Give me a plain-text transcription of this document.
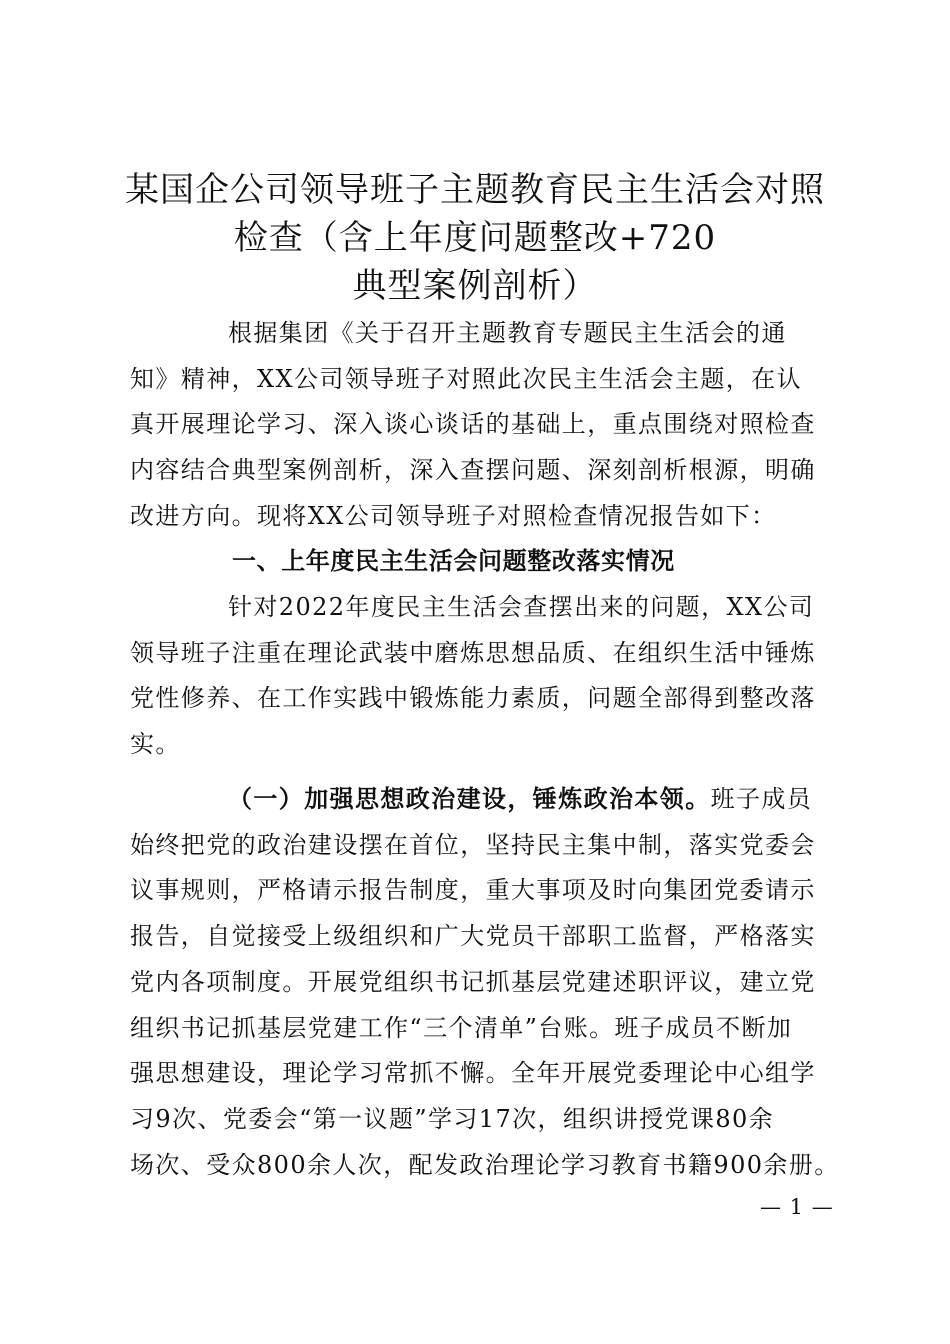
某国企公司领导班子主题教育民主生活会对照
检查（含上年度问题整改+720
典型案例剖析）

根据集团《关于召开主题教育专题民主生活会的通
知》精神，XX公司领导班子对照此次民主生活会主题，在认
真开展理论学习、深入谈心谈话的基础上，重点围绕对照检查
内容结合典型案例剖析，深入查摆问题、深刻剖析根源，明确
改进方向。现将XX公司领导班子对照检查情况报告如下：

一、上年度民主生活会问题整改落实情况

针对2022年度民主生活会查摆出来的问题，XX公司
领导班子注重在理论武装中磨炼思想品质、在组织生活中锤炼
党性修养、在工作实践中锻炼能力素质，问题全部得到整改落
实。

（一）加强思想政治建设，锤炼政治本领。班子成员
始终把党的政治建设摆在首位，坚持民主集中制，落实党委会
议事规则，严格请示报告制度，重大事项及时向集团党委请示
报告，自觉接受上级组织和广大党员干部职工监督，严格落实
党内各项制度。开展党组织书记抓基层党建述职评议，建立党
组织书记抓基层党建工作“三个清单”台账。班子成员不断加
强思想建设，理论学习常抓不懈。全年开展党委理论中心组学
习9次、党委会“第一议题”学习17次，组织讲授党课80余
场次、受众800余人次，配发政治理论学习教育书籍900余册。

— 1 —
